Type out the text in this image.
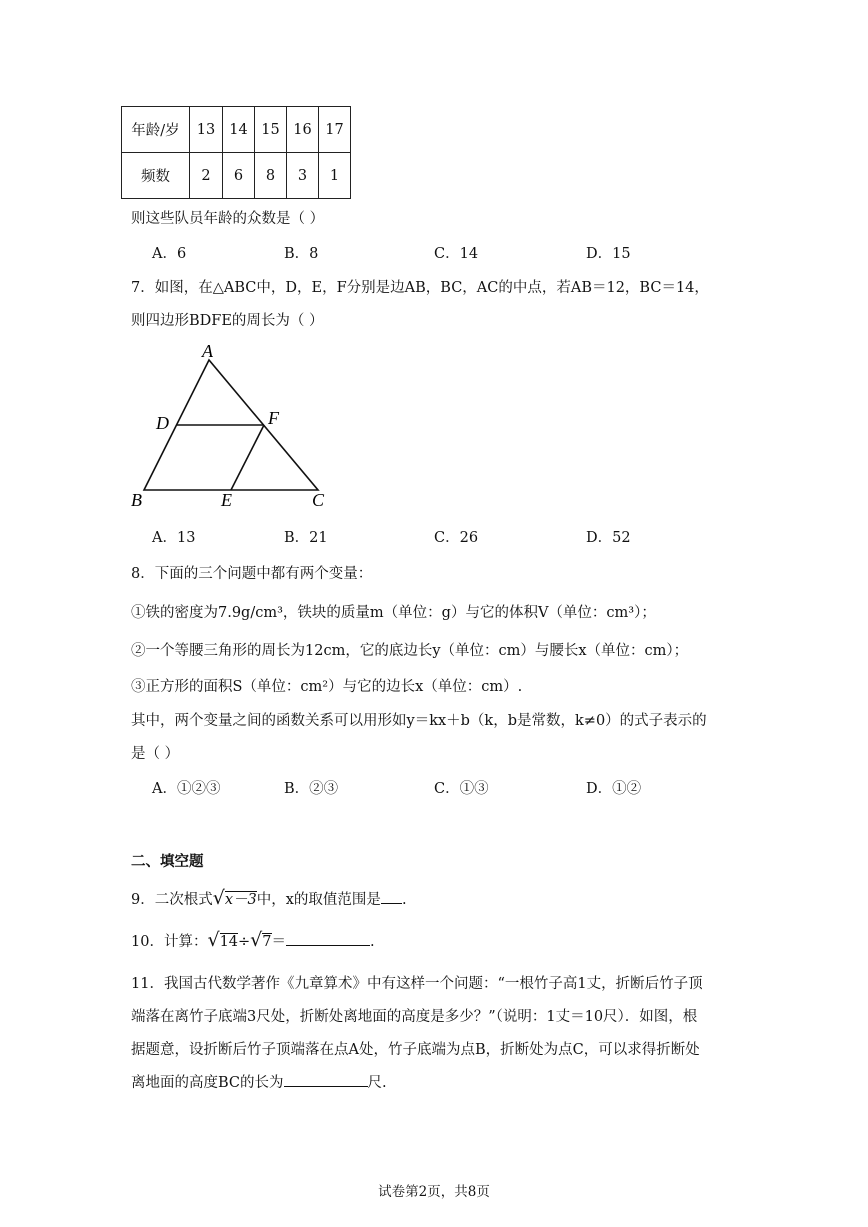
年龄/岁	13	14	15	16	17
频数	2	6	8	3	1
则这些队员年龄的众数是（ ）
A．6	B．8	C．14	D．15
7．如图，在△ABC中，D，E，F分别是边AB，BC，AC的中点，若AB＝12，BC＝14，
则四边形BDFE的周长为（ ）
A
D	F
B	E	C
A．13	B．21	C．26	D．52
8．下面的三个问题中都有两个变量：
①铁的密度为7.9g/cm³，铁块的质量m（单位：g）与它的体积V（单位：cm³）；
②一个等腰三角形的周长为12cm，它的底边长y（单位：cm）与腰长x（单位：cm）；
③正方形的面积S（单位：cm²）与它的边长x（单位：cm）.
其中，两个变量之间的函数关系可以用形如y＝kx＋b（k，b是常数，k≠0）的式子表示的
是（ ）
A．①②③	B．②③	C．①③	D．①②
二、填空题
9．二次根式√x－3中，x的取值范围是 .
10．计算：√14÷√7＝	.
11．我国古代数学著作《九章算术》中有这样一个问题：“一根竹子高1丈，折断后竹子顶
端落在离竹子底端3尺处，折断处离地面的高度是多少？”（说明：1丈＝10尺）．如图，根
据题意，设折断后竹子顶端落在点A处，竹子底端为点B，折断处为点C，可以求得折断处
离地面的高度BC的长为	尺.
试卷第2页，共8页
